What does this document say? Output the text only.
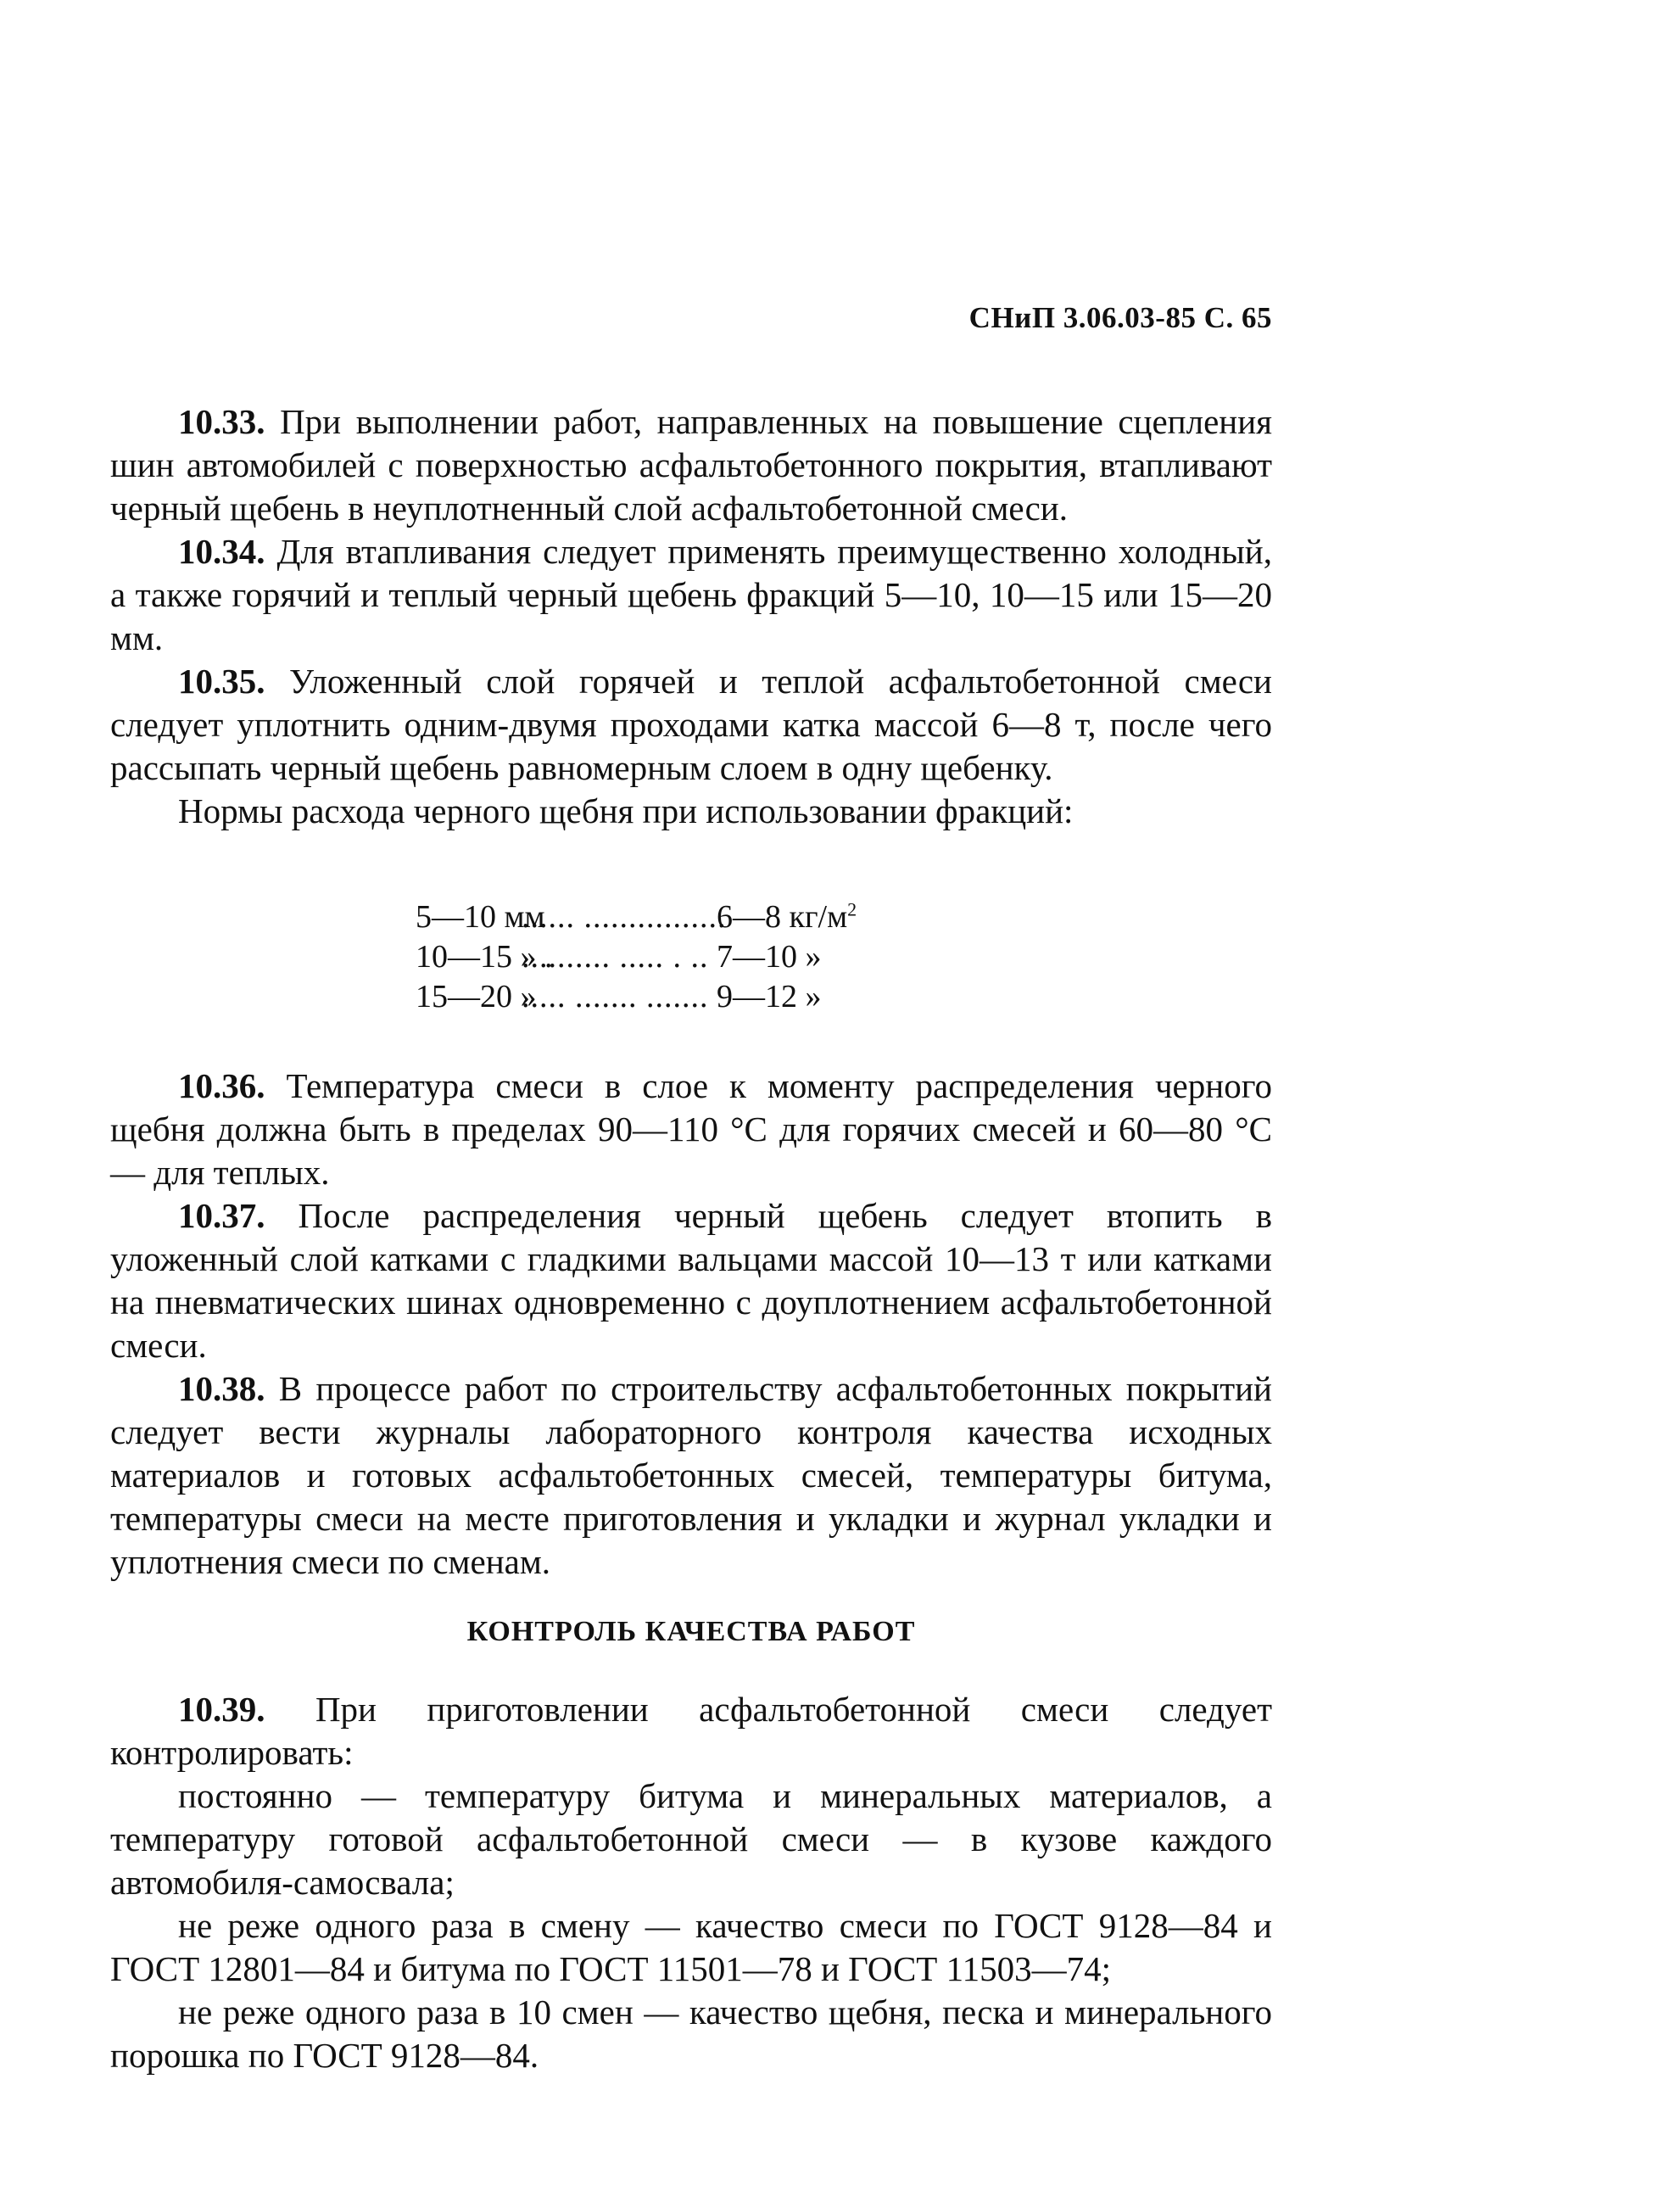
СНиП 3.06.03-85 С. 65

10.33. При выполнении работ, направленных на повышение сцепления шин автомобилей с поверхностью асфальтобетонного покрытия, втапливают черный щебень в неуплотненный слой асфальтобетонной смеси.

10.34. Для втапливания следует применять преимущественно холодный, а также горячий и теплый черный щебень фракций 5—10, 10—15 или 15—20 мм.

10.35. Уложенный слой горячей и теплой асфальтобетонной смеси следует уплотнить одним-двумя проходами катка массой 6—8 т, после чего рассыпать черный щебень равномерным слоем в одну щебенку.

Нормы расхода черного щебня при использовании фракций:

5—10 мм
...... ................
6—8 $кг/м^2$
10—15 » .
.......... ..... . .. 7—10 »
15—20 »
..... ....... ....... 9—12 »

10.36. Температура смеси в слое к моменту распределения черного щебня должна быть в пределах 90—110 °С для горячих смесей и 60—80 °С — для теплых.

10.37. После распределения черный щебень следует втопить в уложенный слой катками с гладкими вальцами массой 10—13 т или катками на пневматических шинах одновременно с доуплотнением асфальтобетонной смеси.

10.38. В процессе работ по строительству асфальтобетонных покрытий следует вести журналы лабораторного контроля качества исходных материалов и готовых асфальтобетонных смесей, температуры битума, температуры смеси на месте приготовления и укладки и журнал укладки и уплотнения смеси по сменам.

КОНТРОЛЬ КАЧЕСТВА РАБОТ

10.39. При приготовлении асфальтобетонной смеси следует контролировать:

постоянно — температуру битума и минеральных материалов, а температуру готовой асфальтобетонной смеси — в кузове каждого автомобиля-самосвала;

не реже одного раза в смену — качество смеси по ГОСТ 9128—84 и ГОСТ 12801—84 и битума по ГОСТ 11501—78 и ГОСТ 11503—74;

не реже одного раза в 10 смен — качество щебня, песка и минерального порошка по ГОСТ 9128—84.
